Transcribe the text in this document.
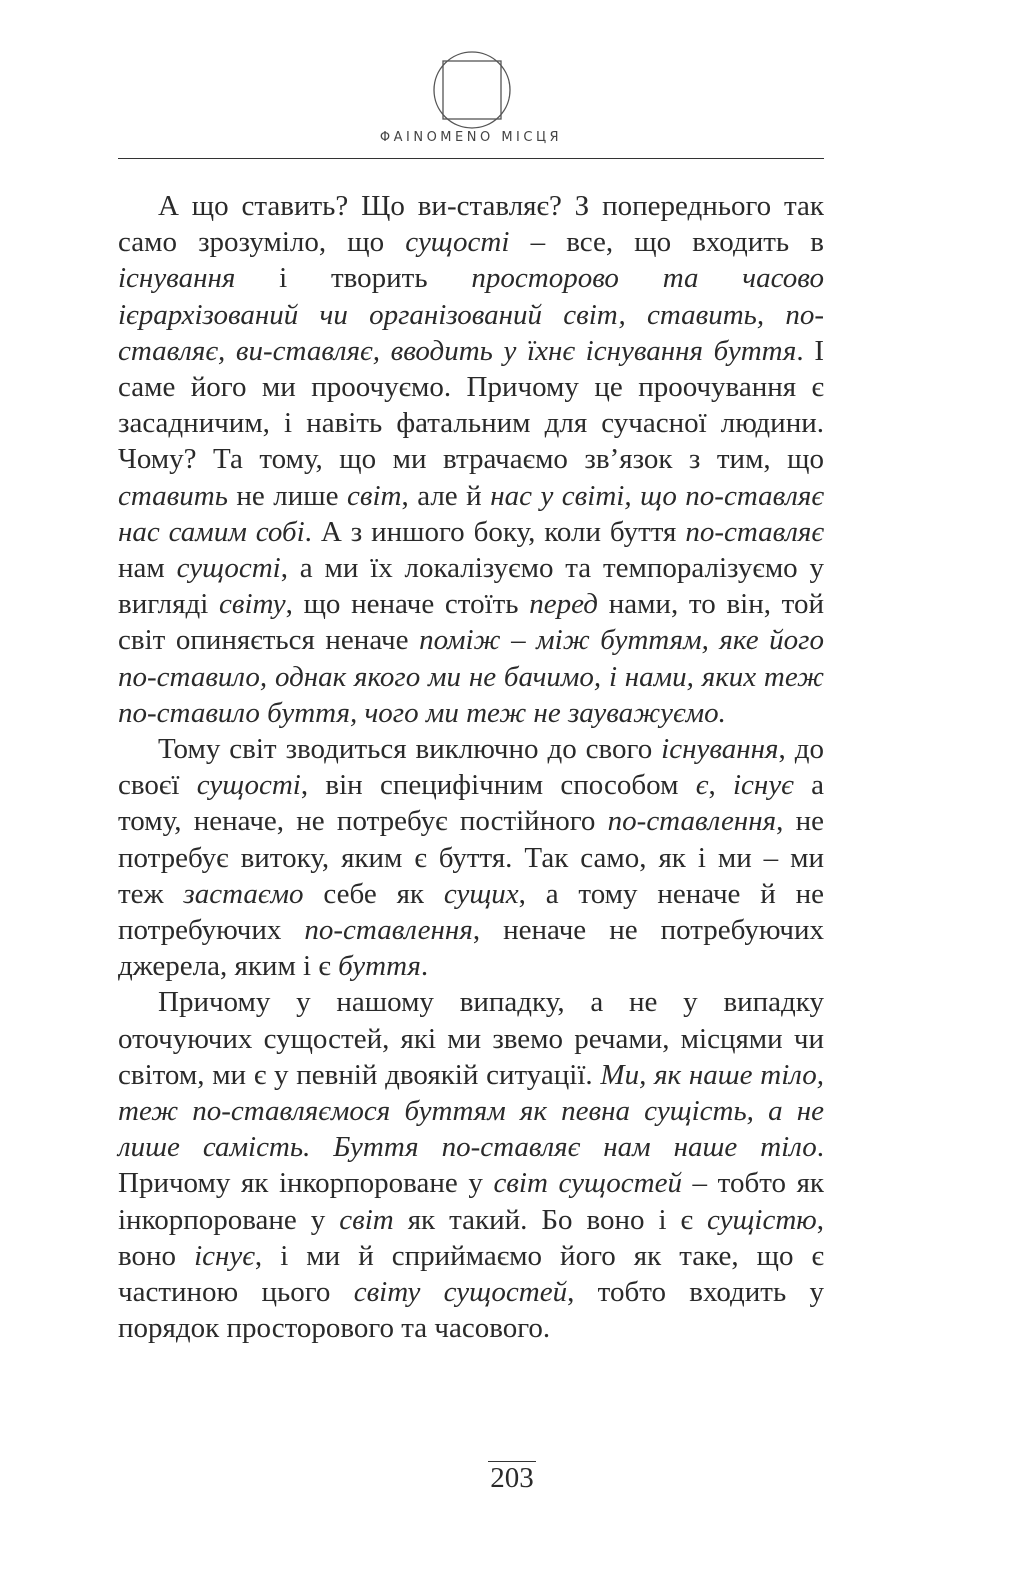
ΦAINOMENO МІСЦЯ

А що ставить? Що ви-ставляє? З попереднього так само зрозуміло, що сущості – все, що входить в існування і творить просторово та часово ієрархізований чи організований світ, ставить, по-ставляє, ви-ставляє, вводить у їхнє існування буття. І саме його ми проочуємо. Причому це проочування є засадничим, і навіть фатальним для сучасної людини. Чому? Та тому, що ми втрачаємо зв’язок з тим, що ставить не лише світ, але й нас у світі, що по-ставляє нас самим собі. А з иншого боку, коли буття по-ставляє нам сущості, а ми їх локалізуємо та темпоралізуємо у вигляді світу, що неначе стоїть перед нами, то він, той світ опиняється неначе поміж – між буттям, яке його по-ставило, однак якого ми не бачимо, і нами, яких теж по-ставило буття, чого ми теж не зауважуємо.

Тому світ зводиться виключно до свого існування, до своєї сущості, він специфічним способом є, існує а тому, неначе, не потребує постійного по-ставлення, не потребує витоку, яким є буття. Так само, як і ми – ми теж застаємо себе як сущих, а тому неначе й не потребуючих по-ставлення, неначе не потребуючих джерела, яким і є буття.

Причому у нашому випадку, а не у випадку оточуючих сущостей, які ми звемо речами, місцями чи світом, ми є у певній двоякій ситуації. Ми, як наше тіло, теж по-ставляємося буттям як певна сущість, а не лише самість. Буття по-ставляє нам наше тіло. Причому як інкорпороване у світ сущостей – тобто як інкорпороване у світ як такий. Бо воно і є сущістю, воно існує, і ми й сприймаємо його як таке, що є частиною цього світу сущостей, тобто входить у порядок просторового та часового.

203
